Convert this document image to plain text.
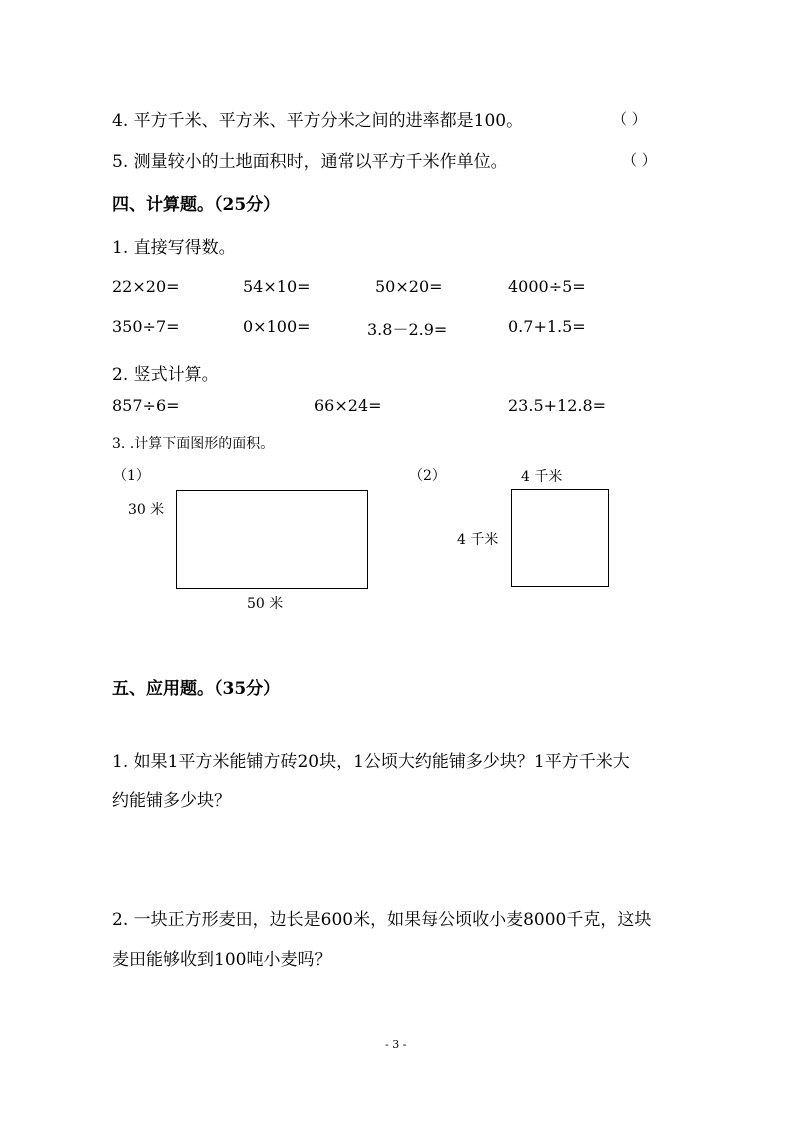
4. 平方千米、平方米、平方分米之间的进率都是100。	（ ）
5. 测量较小的土地面积时，通常以平方千米作单位。	（ ）
四、计算题。（25分）
1. 直接写得数。
22×20=	54×10=	50×20=	4000÷5=
350÷7=	0×100=	3.8－2.9=	0.7+1.5=
2. 竖式计算。
857÷6=	66×24=	23.5+12.8=
3. .计算下面图形的面积。
（1）
30 米
50 米
（2）	4 千米
4 千米
五、应用题。（35分）
1. 如果1平方米能铺方砖20块，1公顷大约能铺多少块？1平方千米大
约能铺多少块？
2. 一块正方形麦田，边长是600米，如果每公顷收小麦8000千克，这块
麦田能够收到100吨小麦吗？
- 3 -
